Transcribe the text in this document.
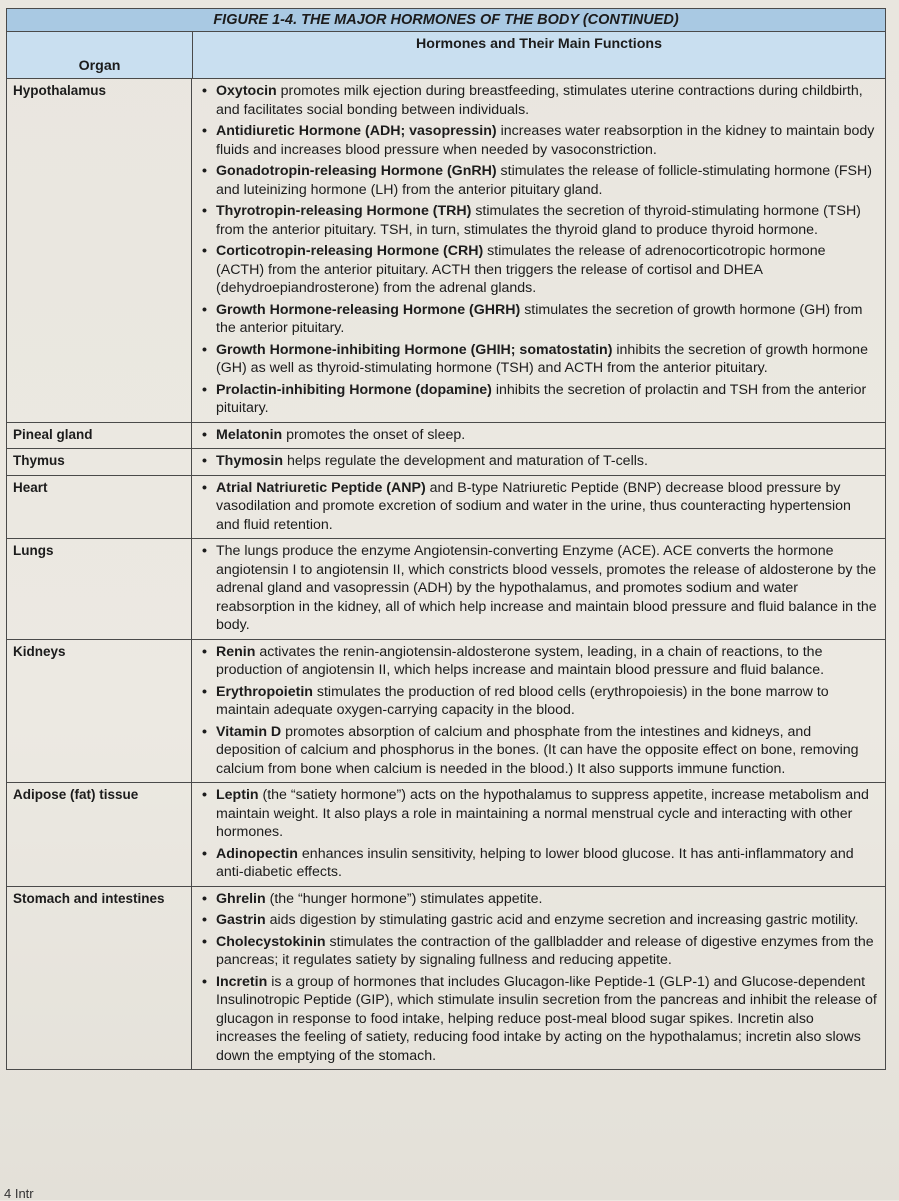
FIGURE 1-4. THE MAJOR HORMONES OF THE BODY (CONTINUED)
Organ
Hormones and Their Main Functions
Hypothalamus	• Oxytocin promotes milk ejection during breastfeeding, stimulates uterine contractions during childbirth, and facilitates social bonding between individuals.
• Antidiuretic Hormone (ADH; vasopressin) increases water reabsorption in the kidney to maintain body fluids and increases blood pressure when needed by vasoconstriction.
• Gonadotropin-releasing Hormone (GnRH) stimulates the release of follicle-stimulating hormone (FSH) and luteinizing hormone (LH) from the anterior pituitary gland.
• Thyrotropin-releasing Hormone (TRH) stimulates the secretion of thyroid-stimulating hormone (TSH) from the anterior pituitary. TSH, in turn, stimulates the thyroid gland to produce thyroid hormone.
• Corticotropin-releasing Hormone (CRH) stimulates the release of adrenocorticotropic hormone (ACTH) from the anterior pituitary. ACTH then triggers the release of cortisol and DHEA (dehydroepiandrosterone) from the adrenal glands.
• Growth Hormone-releasing Hormone (GHRH) stimulates the secretion of growth hormone (GH) from the anterior pituitary.
• Growth Hormone-inhibiting Hormone (GHIH; somatostatin) inhibits the secretion of growth hormone (GH) as well as thyroid-stimulating hormone (TSH) and ACTH from the anterior pituitary.
• Prolactin-inhibiting Hormone (dopamine) inhibits the secretion of prolactin and TSH from the anterior pituitary.
Pineal gland	• Melatonin promotes the onset of sleep.
Thymus	• Thymosin helps regulate the development and maturation of T-cells.
Heart	• Atrial Natriuretic Peptide (ANP) and B-type Natriuretic Peptide (BNP) decrease blood pressure by vasodilation and promote excretion of sodium and water in the urine, thus counteracting hypertension and fluid retention.
Lungs	• The lungs produce the enzyme Angiotensin-converting Enzyme (ACE). ACE converts the hormone angiotensin I to angiotensin II, which constricts blood vessels, promotes the release of aldosterone by the adrenal gland and vasopressin (ADH) by the hypothalamus, and promotes sodium and water reabsorption in the kidney, all of which help increase and maintain blood pressure and fluid balance in the body.
Kidneys	• Renin activates the renin-angiotensin-aldosterone system, leading, in a chain of reactions, to the production of angiotensin II, which helps increase and maintain blood pressure and fluid balance.
• Erythropoietin stimulates the production of red blood cells (erythropoiesis) in the bone marrow to maintain adequate oxygen-carrying capacity in the blood.
• Vitamin D promotes absorption of calcium and phosphate from the intestines and kidneys, and deposition of calcium and phosphorus in the bones. (It can have the opposite effect on bone, removing calcium from bone when calcium is needed in the blood.) It also supports immune function.
Adipose (fat) tissue	• Leptin (the “satiety hormone”) acts on the hypothalamus to suppress appetite, increase metabolism and maintain weight. It also plays a role in maintaining a normal menstrual cycle and interacting with other hormones.
• Adinopectin enhances insulin sensitivity, helping to lower blood glucose. It has anti-inflammatory and anti-diabetic effects.
Stomach and intestines	• Ghrelin (the “hunger hormone”) stimulates appetite.
• Gastrin aids digestion by stimulating gastric acid and enzyme secretion and increasing gastric motility.
• Cholecystokinin stimulates the contraction of the gallbladder and release of digestive enzymes from the pancreas; it regulates satiety by signaling fullness and reducing appetite.
• Incretin is a group of hormones that includes Glucagon-like Peptide-1 (GLP-1) and Glucose-dependent Insulinotropic Peptide (GIP), which stimulate insulin secretion from the pancreas and inhibit the release of glucagon in response to food intake, helping reduce post-meal blood sugar spikes. Incretin also increases the feeling of satiety, reducing food intake by acting on the hypothalamus; incretin also slows down the emptying of the stomach.
4 Intr
